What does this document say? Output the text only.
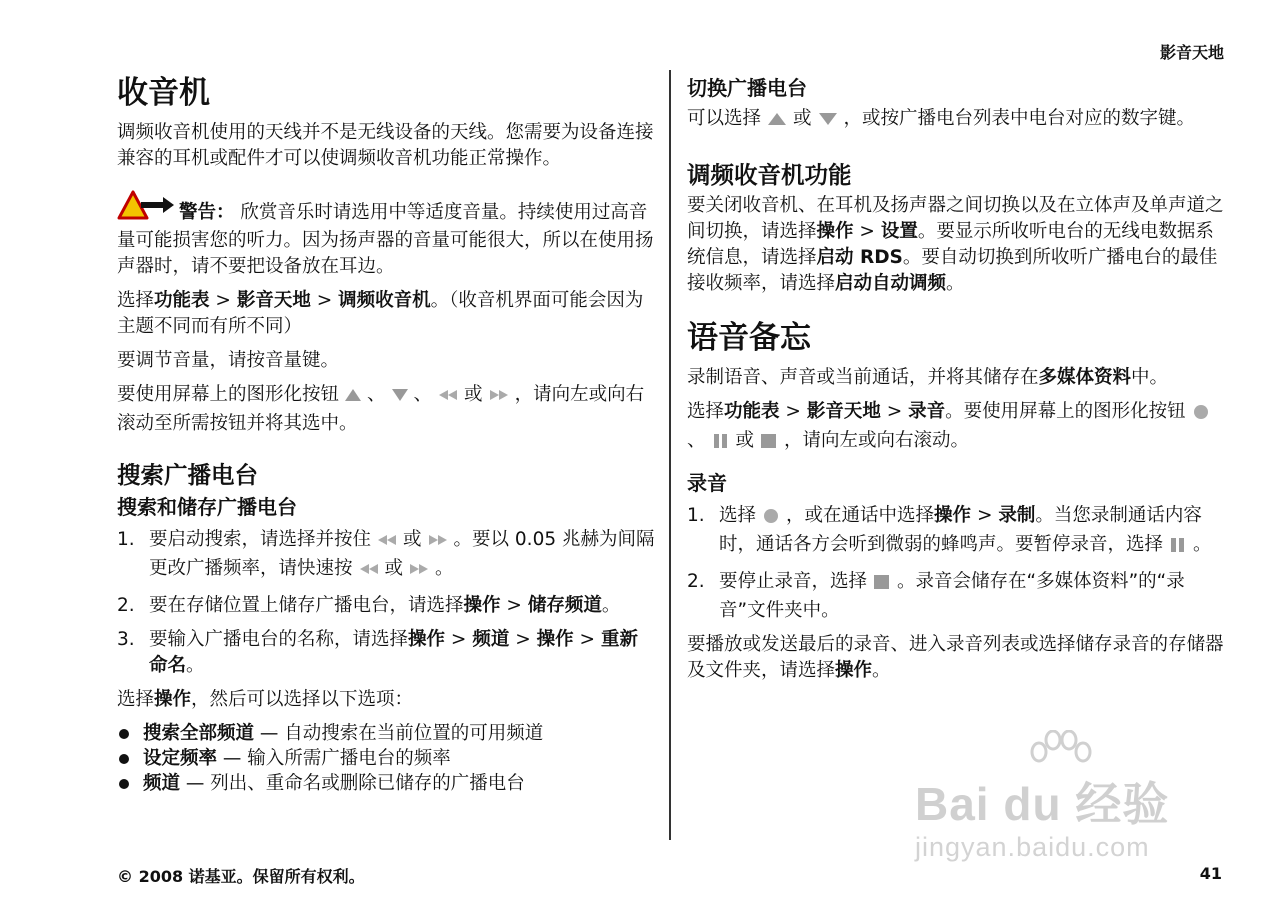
影音天地
收音机

调频收音机使用的天线并不是无线设备的天线。您需要为设备连接兼容的耳机或配件才可以使调频收音机功能正常操作。

警告： 欣赏音乐时请选用中等适度音量。持续使用过高音量可能损害您的听力。因为扬声器的音量可能很大，所以在使用扬声器时，请不要把设备放在耳边。

选择功能表 > 影音天地 > 调频收音机。（收音机界面可能会因为主题不同而有所不同）

要调节音量，请按音量键。

要使用屏幕上的图形化按钮 、 、 或 ，请向左或向右滚动至所需按钮并将其选中。

搜索广播电台
搜索和储存广播电台
1. 要启动搜索，请选择并按住 或 。要以 0.05 兆赫为间隔更改广播频率，请快速按 或 。
2. 要在存储位置上储存广播电台，请选择操作 > 储存频道。
3. 要输入广播电台的名称，请选择操作 > 频道 > 操作 > 重新命名。

选择操作，然后可以选择以下选项：

搜索全部频道 — 自动搜索在当前位置的可用频道
设定频率 — 输入所需广播电台的频率
频道 — 列出、重命名或删除已储存的广播电台
切换广播电台

可以选择 或 ，或按广播电台列表中电台对应的数字键。

调频收音机功能

要关闭收音机、在耳机及扬声器之间切换以及在立体声及单声道之间切换，请选择操作 > 设置。要显示所收听电台的无线电数据系统信息，请选择启动 RDS。要自动切换到所收听广播电台的最佳接收频率，请选择启动自动调频。

语音备忘

录制语音、声音或当前通话，并将其储存在多媒体资料中。

选择功能表 > 影音天地 > 录音。要使用屏幕上的图形化按钮、 或 ，请向左或向右滚动。

录音
1. 选择 ，或在通话中选择操作 > 录制。当您录制通话内容时，通话各方会听到微弱的蜂鸣声。要暂停录音，选择 。
2. 要停止录音，选择 。录音会储存在“多媒体资料”的“录音”文件夹中。

要播放或发送最后的录音、进入录音列表或选择储存录音的存储器及文件夹，请选择操作。

Bai du 经验
jingyan.baidu.com
© 2008 诺基亚。保留所有权利。	41
